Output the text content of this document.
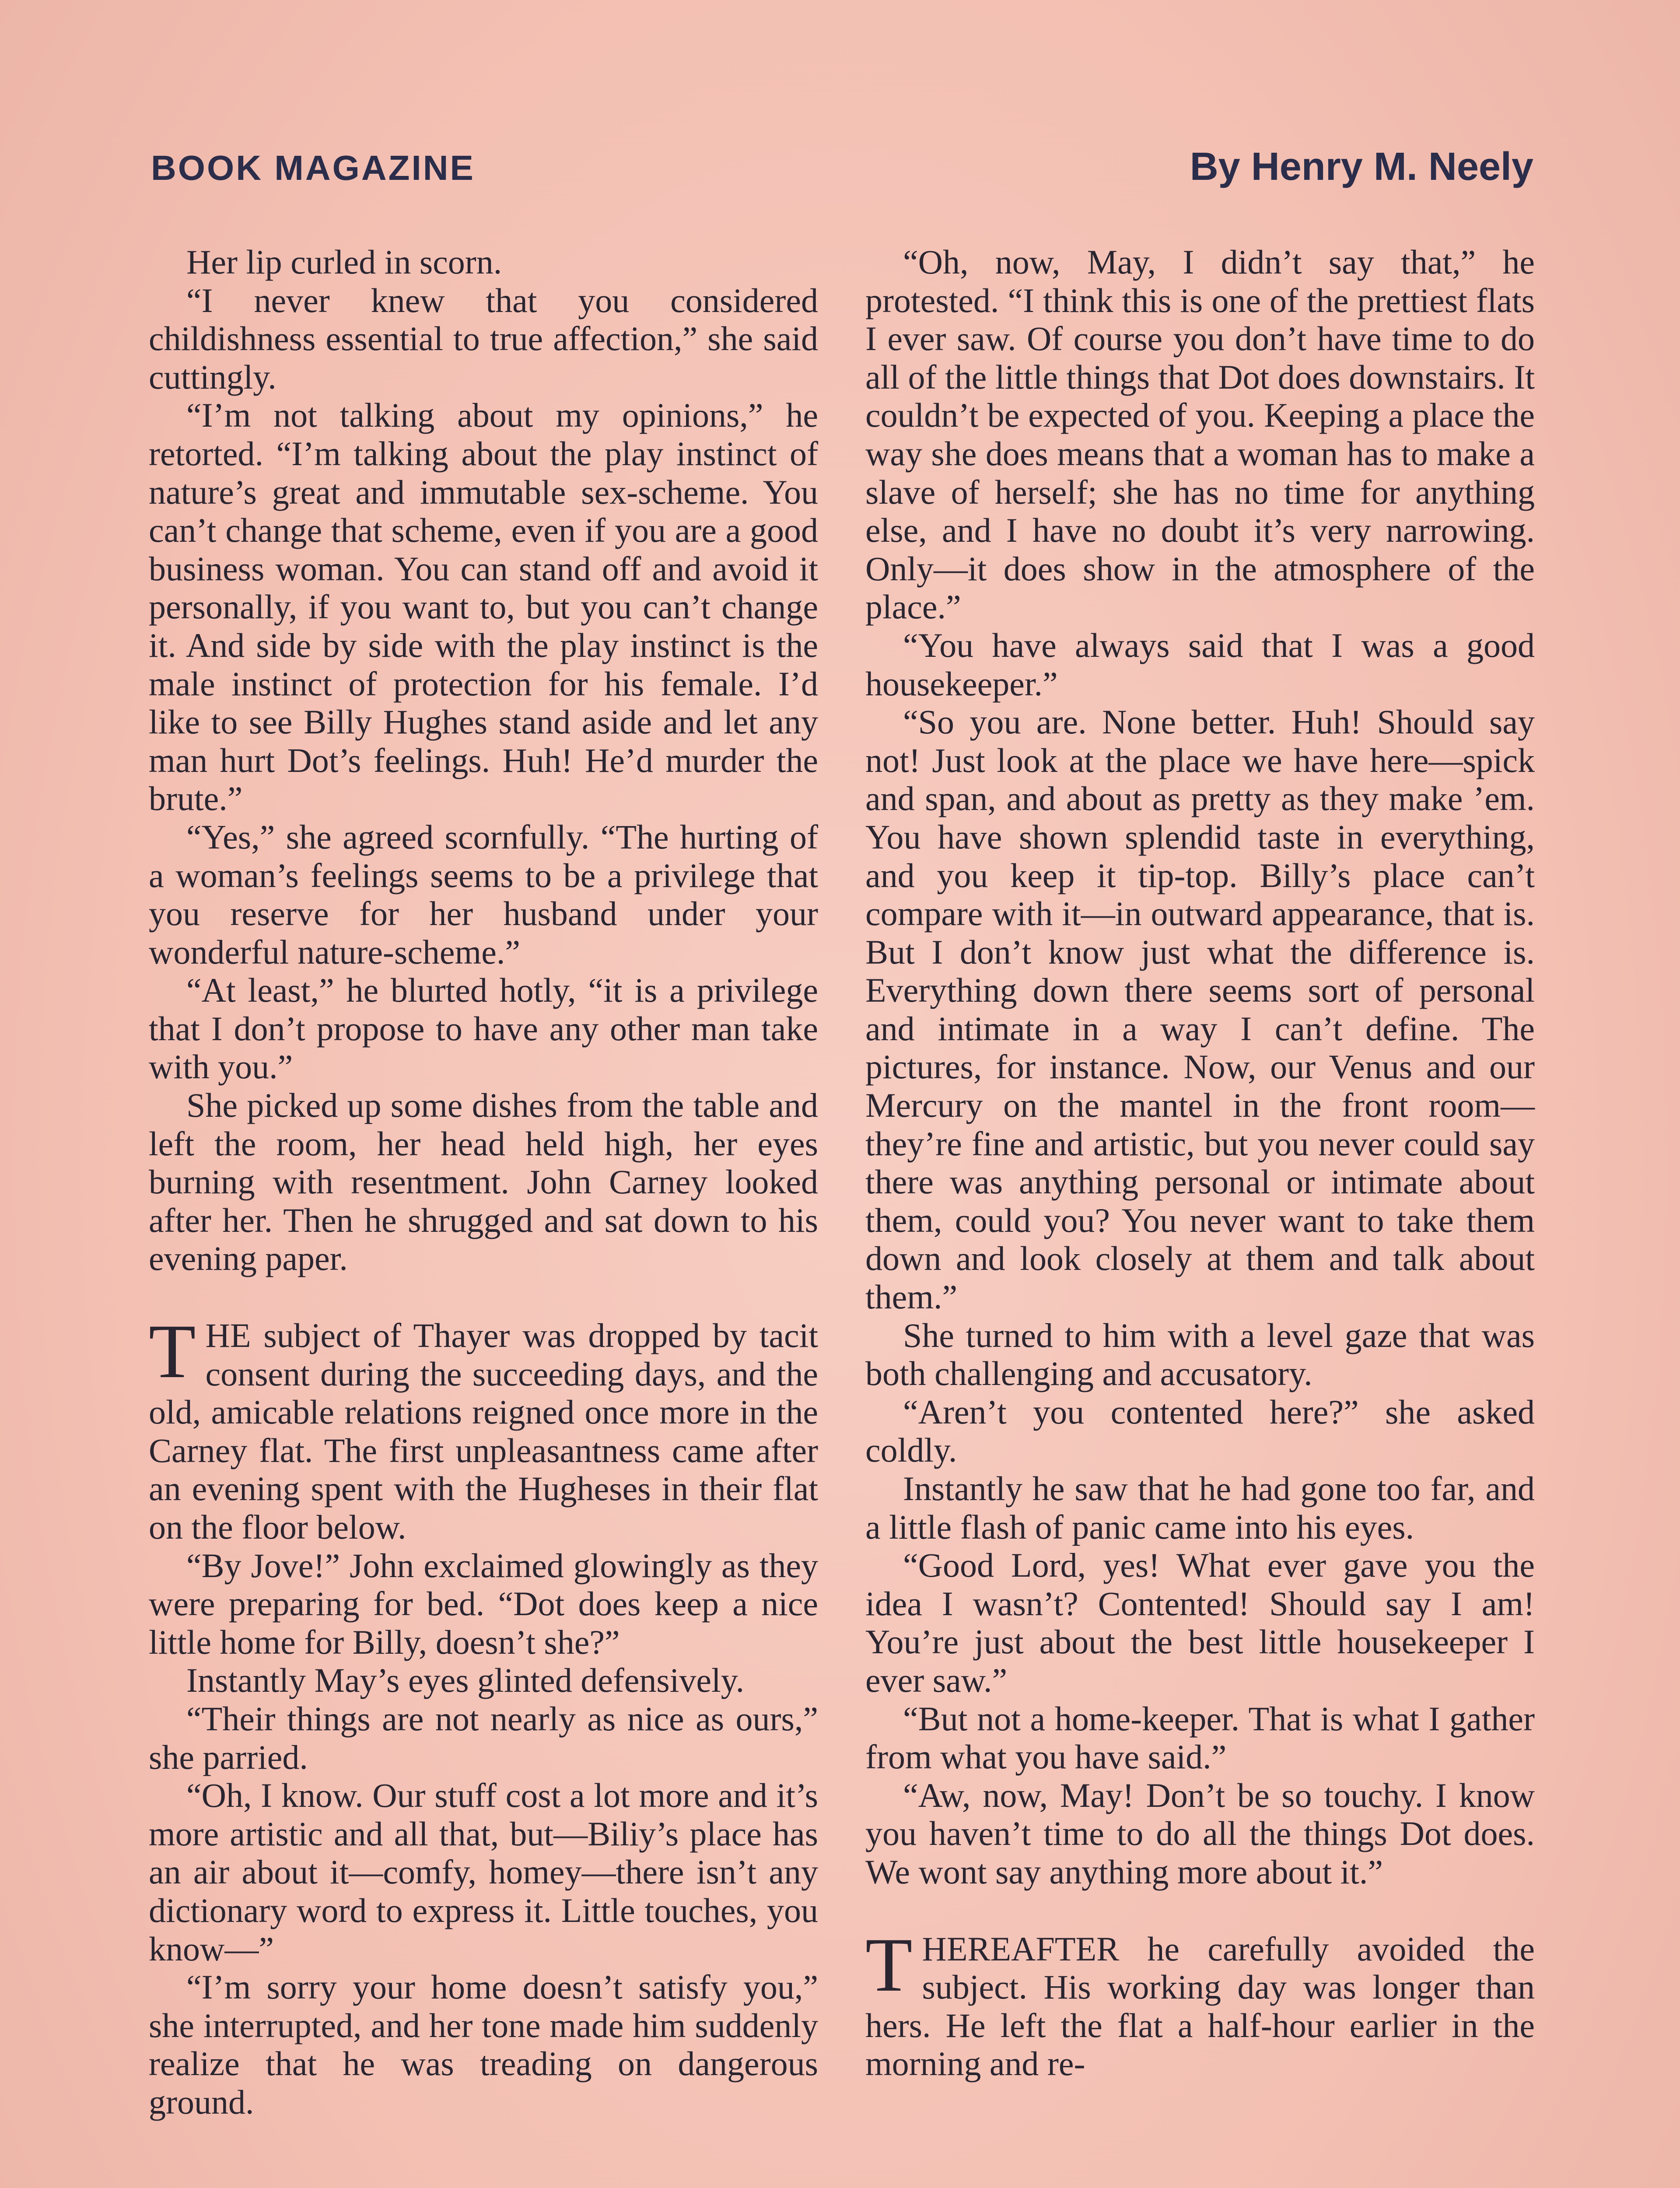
BOOK MAGAZINE	By Henry M. Neely

Her lip curled in scorn.

“I never knew that you considered childishness essential to true affection,” she said cuttingly.

“I’m not talking about my opinions,” he retorted. “I’m talking about the play instinct of nature’s great and immutable sex-scheme. You can’t change that scheme, even if you are a good business woman. You can stand off and avoid it personally, if you want to, but you can’t change it. And side by side with the play instinct is the male instinct of protection for his female. I’d like to see Billy Hughes stand aside and let any man hurt Dot’s feelings. Huh! He’d murder the brute.”

“Yes,” she agreed scornfully. “The hurting of a woman’s feelings seems to be a privilege that you reserve for her husband under your wonderful nature-scheme.”

“At least,” he blurted hotly, “it is a privilege that I don’t propose to have any other man take with you.”

She picked up some dishes from the table and left the room, her head held high, her eyes burning with resentment. John Carney looked after her. Then he shrugged and sat down to his evening paper.

THE subject of Thayer was dropped by tacit consent during the succeeding days, and the old, amicable relations reigned once more in the Carney flat. The first unpleasantness came after an evening spent with the Hugheses in their flat on the floor below.

“By Jove!” John exclaimed glowingly as they were preparing for bed. “Dot does keep a nice little home for Billy, doesn’t she?”

Instantly May’s eyes glinted defensively.

“Their things are not nearly as nice as ours,” she parried.

“Oh, I know. Our stuff cost a lot more and it’s more artistic and all that, but—Biliy’s place has an air about it—comfy, homey—there isn’t any dictionary word to express it. Little touches, you know—”

“I’m sorry your home doesn’t satisfy you,” she interrupted, and her tone made him suddenly realize that he was treading on dangerous ground.

“Oh, now, May, I didn’t say that,” he protested. “I think this is one of the prettiest flats I ever saw. Of course you don’t have time to do all of the little things that Dot does downstairs. It couldn’t be expected of you. Keeping a place the way she does means that a woman has to make a slave of herself; she has no time for anything else, and I have no doubt it’s very narrowing. Only—it does show in the atmosphere of the place.”

“You have always said that I was a good housekeeper.”

“So you are. None better. Huh! Should say not! Just look at the place we have here—spick and span, and about as pretty as they make ’em. You have shown splendid taste in everything, and you keep it tip-top. Billy’s place can’t compare with it—in outward appearance, that is. But I don’t know just what the difference is. Everything down there seems sort of personal and intimate in a way I can’t define. The pictures, for instance. Now, our Venus and our Mercury on the mantel in the front room—they’re fine and artistic, but you never could say there was anything personal or intimate about them, could you? You never want to take them down and look closely at them and talk about them.”

She turned to him with a level gaze that was both challenging and accusatory.

“Aren’t you contented here?” she asked coldly.

Instantly he saw that he had gone too far, and a little flash of panic came into his eyes.

“Good Lord, yes! What ever gave you the idea I wasn’t? Contented! Should say I am! You’re just about the best little housekeeper I ever saw.”

“But not a home-keeper. That is what I gather from what you have said.”

“Aw, now, May! Don’t be so touchy. I know you haven’t time to do all the things Dot does. We wont say anything more about it.”

THEREAFTER he carefully avoided the subject. His working day was longer than hers. He left the flat a half-hour earlier in the morning and re-
